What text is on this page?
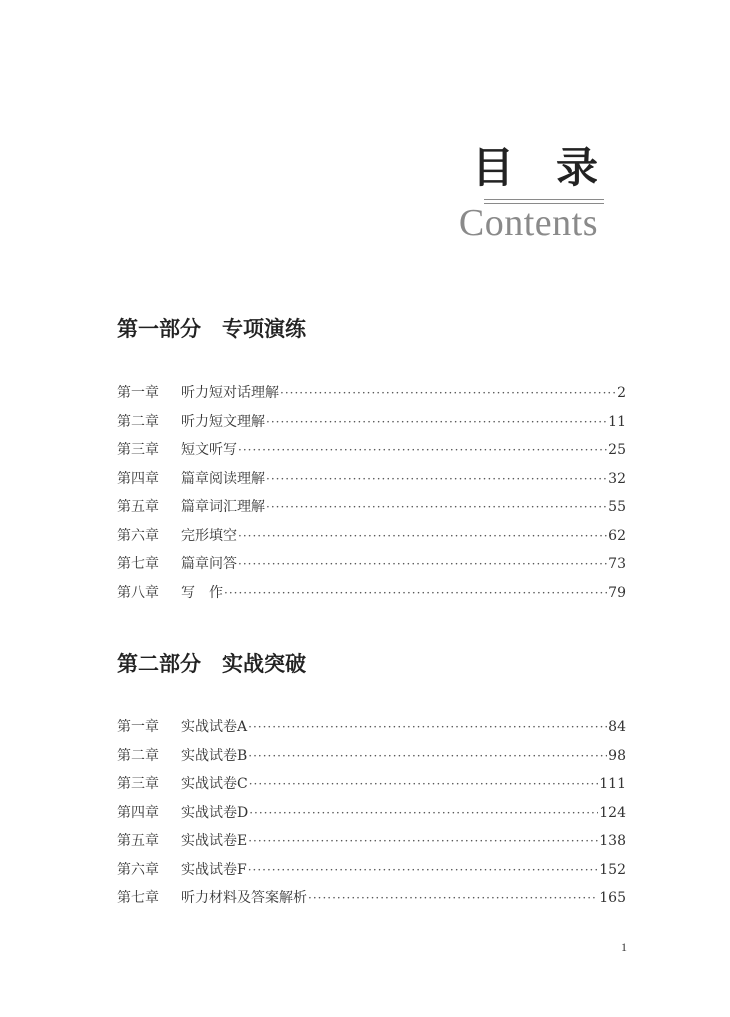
目录
Contents
第一部分　专项演练
第一章	听力短对话理解 ·····	2
第二章	听力短文理解 ·····	11
第三章	短文听写 ·····	25
第四章	篇章阅读理解 ·····	32
第五章	篇章词汇理解 ·····	55
第六章	完形填空 ·····	62
第七章	篇章问答 ·····	73
第八章	写　作 ·····	79
第二部分　实战突破
第一章	实战试卷A ·····	84
第二章	实战试卷B ·····	98
第三章	实战试卷C ·····	111
第四章	实战试卷D ·····	124
第五章	实战试卷E ·····	138
第六章	实战试卷F ·····	152
第七章	听力材料及答案解析 ·····	165
1
